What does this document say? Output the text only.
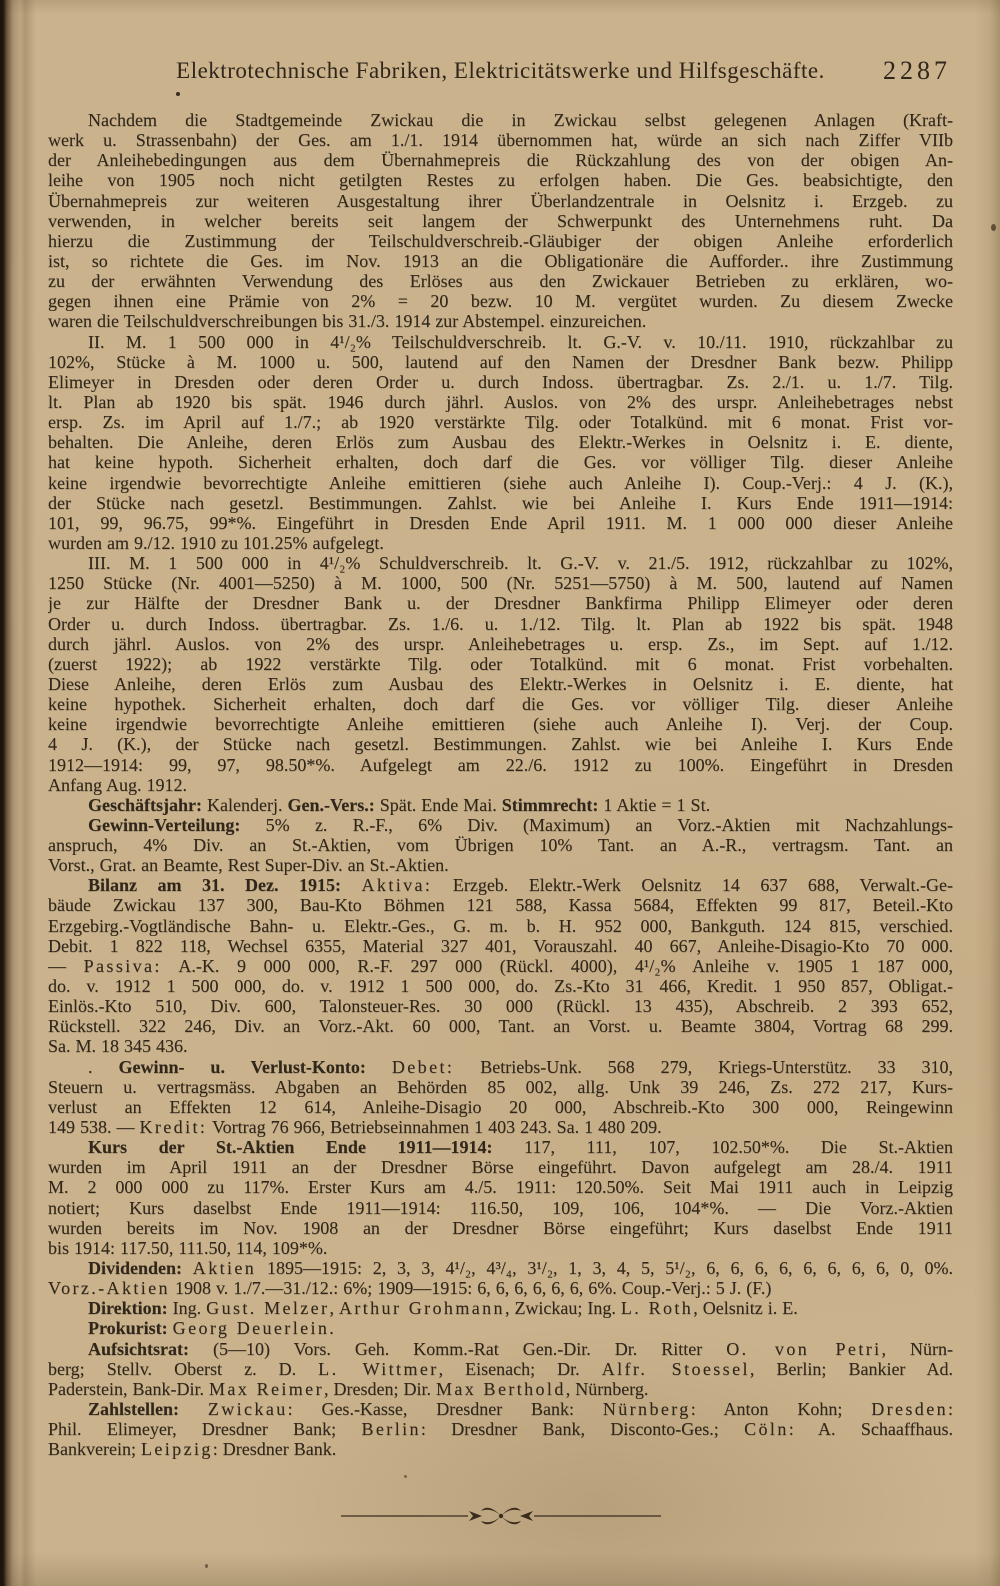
Elektrotechnische Fabriken, Elektricitätswerke und Hilfsgeschäfte.	2287
Nachdem die Stadtgemeinde Zwickau die in Zwickau selbst gelegenen Anlagen (Kraft-
werk u. Strassenbahn) der Ges. am 1./1. 1914 übernommen hat, würde an sich nach Ziffer VIIb
der Anleihebedingungen aus dem Übernahmepreis die Rückzahlung des von der obigen An-
leihe von 1905 noch nicht getilgten Restes zu erfolgen haben. Die Ges. beabsichtigte, den
Übernahmepreis zur weiteren Ausgestaltung ihrer Überlandzentrale in Oelsnitz i. Erzgeb. zu
verwenden, in welcher bereits seit langem der Schwerpunkt des Unternehmens ruht. Da
hierzu die Zustimmung der Teilschuldverschreib.-Gläubiger der obigen Anleihe erforderlich
ist, so richtete die Ges. im Nov. 1913 an die Obligationäre die Aufforder.. ihre Zustimmung
zu der erwähnten Verwendung des Erlöses aus den Zwickauer Betrieben zu erklären, wo-
gegen ihnen eine Prämie von 2% = 20 bezw. 10 M. vergütet wurden. Zu diesem Zwecke
waren die Teilschuldverschreibungen bis 31./3. 1914 zur Abstempel. einzureichen.
II. M. 1 500 000 in 4¹/₂% Teilschuldverschreib. lt. G.-V. v. 10./11. 1910, rückzahlbar zu
102%, Stücke à M. 1000 u. 500, lautend auf den Namen der Dresdner Bank bezw. Philipp
Elimeyer in Dresden oder deren Order u. durch Indoss. übertragbar. Zs. 2./1. u. 1./7. Tilg.
lt. Plan ab 1920 bis spät. 1946 durch jährl. Auslos. von 2% des urspr. Anleihebetrages nebst
ersp. Zs. im April auf 1./7.; ab 1920 verstärkte Tilg. oder Totalkünd. mit 6 monat. Frist vor-
behalten. Die Anleihe, deren Erlös zum Ausbau des Elektr.-Werkes in Oelsnitz i. E. diente,
hat keine hypoth. Sicherheit erhalten, doch darf die Ges. vor völliger Tilg. dieser Anleihe
keine irgendwie bevorrechtigte Anleihe emittieren (siehe auch Anleihe I). Coup.-Verj.: 4 J. (K.),
der Stücke nach gesetzl. Bestimmungen. Zahlst. wie bei Anleihe I. Kurs Ende 1911—1914:
101, 99, 96.75, 99*%. Eingeführt in Dresden Ende April 1911. M. 1 000 000 dieser Anleihe
wurden am 9./12. 1910 zu 101.25% aufgelegt.
III. M. 1 500 000 in 4¹/₂% Schuldverschreib. lt. G.-V. v. 21./5. 1912, rückzahlbar zu 102%,
1250 Stücke (Nr. 4001—5250) à M. 1000, 500 (Nr. 5251—5750) à M. 500, lautend auf Namen
je zur Hälfte der Dresdner Bank u. der Dresdner Bankfirma Philipp Elimeyer oder deren
Order u. durch Indoss. übertragbar. Zs. 1./6. u. 1./12. Tilg. lt. Plan ab 1922 bis spät. 1948
durch jährl. Auslos. von 2% des urspr. Anleihebetrages u. ersp. Zs., im Sept. auf 1./12.
(zuerst 1922); ab 1922 verstärkte Tilg. oder Totalkünd. mit 6 monat. Frist vorbehalten.
Diese Anleihe, deren Erlös zum Ausbau des Elektr.-Werkes in Oelsnitz i. E. diente, hat
keine hypothek. Sicherheit erhalten, doch darf die Ges. vor völliger Tilg. dieser Anleihe
keine irgendwie bevorrechtigte Anleihe emittieren (siehe auch Anleihe I). Verj. der Coup.
4 J. (K.), der Stücke nach gesetzl. Bestimmungen. Zahlst. wie bei Anleihe I. Kurs Ende
1912—1914: 99, 97, 98.50*%. Aufgelegt am 22./6. 1912 zu 100%. Eingeführt in Dresden
Anfang Aug. 1912.
Geschäftsjahr: Kalenderj. Gen.-Vers.: Spät. Ende Mai. Stimmrecht: 1 Aktie = 1 St.
Gewinn-Verteilung: 5% z. R.-F., 6% Div. (Maximum) an Vorz.-Aktien mit Nachzahlungs-
anspruch, 4% Div. an St.-Aktien, vom Übrigen 10% Tant. an A.-R., vertragsm. Tant. an
Vorst., Grat. an Beamte, Rest Super-Div. an St.-Aktien.
Bilanz am 31. Dez. 1915: Aktiva: Erzgeb. Elektr.-Werk Oelsnitz 14 637 688, Verwalt.-Ge-
bäude Zwickau 137 300, Bau-Kto Böhmen 121 588, Kassa 5684, Effekten 99 817, Beteil.-Kto
Erzgebirg.-Vogtländische Bahn- u. Elektr.-Ges., G. m. b. H. 952 000, Bankguth. 124 815, verschied.
Debit. 1 822 118, Wechsel 6355, Material 327 401, Vorauszahl. 40 667, Anleihe-Disagio-Kto 70 000.
— Passiva: A.-K. 9 000 000, R.-F. 297 000 (Rückl. 4000), 4¹/₂% Anleihe v. 1905 1 187 000,
do. v. 1912 1 500 000, do. v. 1912 1 500 000, do. Zs.-Kto 31 466, Kredit. 1 950 857, Obligat.-
Einlös.-Kto 510, Div. 600, Talonsteuer-Res. 30 000 (Rückl. 13 435), Abschreib. 2 393 652,
Rückstell. 322 246, Div. an Vorz.-Akt. 60 000, Tant. an Vorst. u. Beamte 3804, Vortrag 68 299.
Sa. M. 18 345 436.
. Gewinn- u. Verlust-Konto: Debet: Betriebs-Unk. 568 279, Kriegs-Unterstütz. 33 310,
Steuern u. vertragsmäss. Abgaben an Behörden 85 002, allg. Unk 39 246, Zs. 272 217, Kurs-
verlust an Effekten 12 614, Anleihe-Disagio 20 000, Abschreib.-Kto 300 000, Reingewinn
149 538. — Kredit: Vortrag 76 966, Betriebseinnahmen 1 403 243. Sa. 1 480 209.
Kurs der St.-Aktien Ende 1911—1914: 117, 111, 107, 102.50*%. Die St.-Aktien
wurden im April 1911 an der Dresdner Börse eingeführt. Davon aufgelegt am 28./4. 1911
M. 2 000 000 zu 117%. Erster Kurs am 4./5. 1911: 120.50%. Seit Mai 1911 auch in Leipzig
notiert; Kurs daselbst Ende 1911—1914: 116.50, 109, 106, 104*%. — Die Vorz.-Aktien
wurden bereits im Nov. 1908 an der Dresdner Börse eingeführt; Kurs daselbst Ende 1911
bis 1914: 117.50, 111.50, 114, 109*%.
Dividenden: Aktien 1895—1915: 2, 3, 3, 4¹/₂, 4³/₄, 3¹/₂, 1, 3, 4, 5, 5¹/₂, 6, 6, 6, 6, 6, 6, 6, 6, 0, 0%.
Vorz.-Aktien 1908 v. 1./7.—31./12.: 6%; 1909—1915: 6, 6, 6, 6, 6, 6, 6%. Coup.-Verj.: 5 J. (F.)
Direktion: Ing. Gust. Melzer, Arthur Grohmann, Zwickau; Ing. L. Roth, Oelsnitz i. E.
Prokurist: Georg Deuerlein.
Aufsichtsrat: (5—10) Vors. Geh. Komm.-Rat Gen.-Dir. Dr. Ritter O. von Petri, Nürn-
berg; Stellv. Oberst z. D. L. Wittmer, Eisenach; Dr. Alfr. Stoessel, Berlin; Bankier Ad.
Paderstein, Bank-Dir. Max Reimer, Dresden; Dir. Max Berthold, Nürnberg.
Zahlstellen: Zwickau: Ges.-Kasse, Dresdner Bank: Nürnberg: Anton Kohn; Dresden:
Phil. Elimeyer, Dresdner Bank; Berlin: Dresdner Bank, Disconto-Ges.; Cöln: A. Schaaffhaus.
Bankverein; Leipzig: Dresdner Bank.
